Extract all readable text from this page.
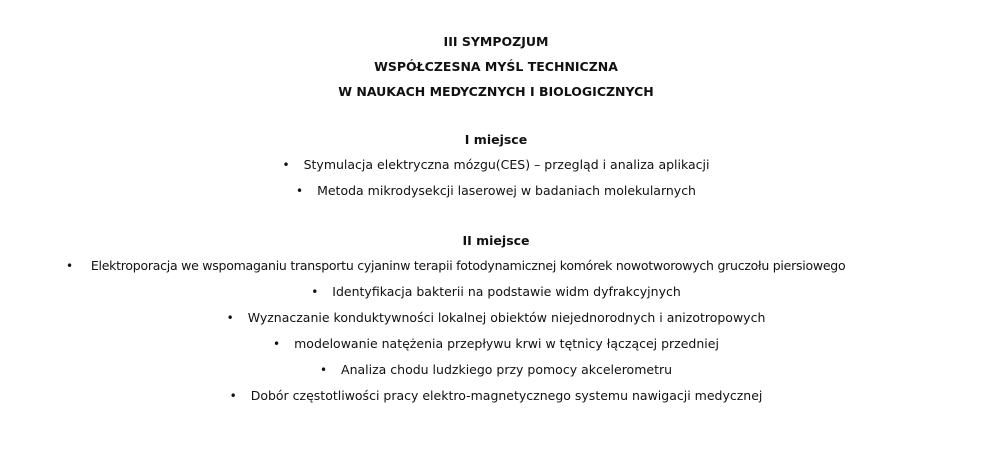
III SYMPOZJUM
WSPÓŁCZESNA MYŚL TECHNICZNA
W NAUKACH MEDYCZNYCH I BIOLOGICZNYCH
I miejsce
• Stymulacja elektryczna mózgu(CES) – przegląd i analiza aplikacji
• Metoda mikrodysekcji laserowej w badaniach molekularnych
II miejsce
• Elektroporacja we wspomaganiu transportu cyjaninw terapii fotodynamicznej komórek nowotworowych gruczołu piersiowego
• Identyfikacja bakterii na podstawie widm dyfrakcyjnych
• Wyznaczanie konduktywności lokalnej obiektów niejednorodnych i anizotropowych
• modelowanie natężenia przepływu krwi w tętnicy łączącej przedniej
• Analiza chodu ludzkiego przy pomocy akcelerometru
• Dobór częstotliwości pracy elektro-magnetycznego systemu nawigacji medycznej
